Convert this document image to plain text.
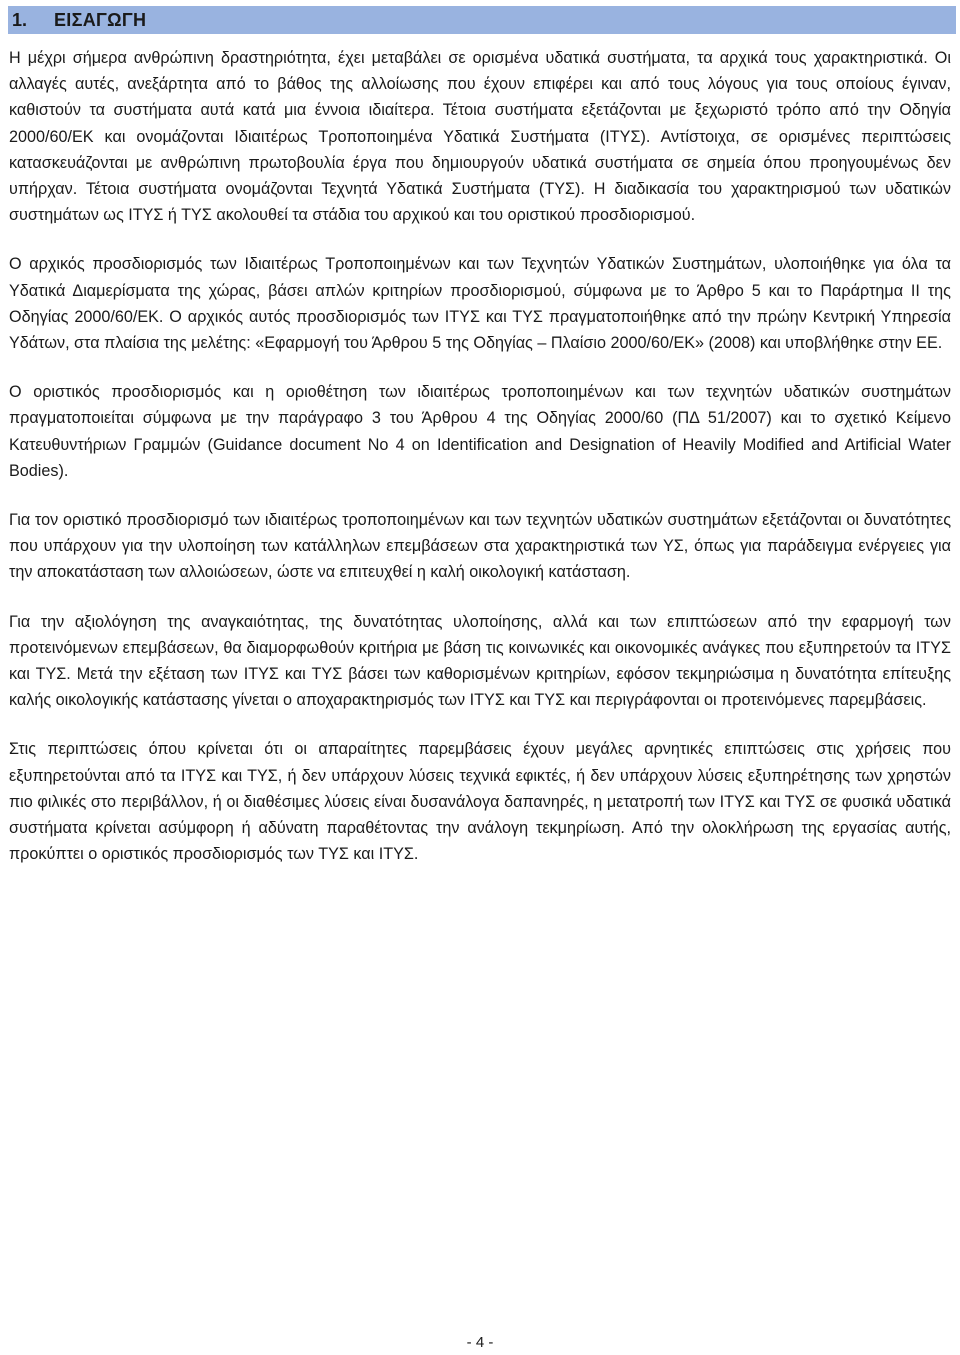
1.	ΕΙΣΑΓΩΓΗ

Η μέχρι σήμερα ανθρώπινη δραστηριότητα, έχει μεταβάλει σε ορισμένα υδατικά συστήματα, τα αρχικά τους χαρακτηριστικά. Οι αλλαγές αυτές, ανεξάρτητα από το βάθος της αλλοίωσης που έχουν επιφέρει και από τους λόγους για τους οποίους έγιναν, καθιστούν τα συστήματα αυτά κατά μια έννοια ιδιαίτερα. Τέτοια συστήματα εξετάζονται με ξεχωριστό τρόπο από την Οδηγία 2000/60/ΕΚ και ονομάζονται Ιδιαιτέρως Τροποποιημένα Υδατικά Συστήματα (ΙΤΥΣ). Αντίστοιχα, σε ορισμένες περιπτώσεις κατασκευάζονται με ανθρώπινη πρωτοβουλία έργα που δημιουργούν υδατικά συστήματα σε σημεία όπου προηγουμένως δεν υπήρχαν. Τέτοια συστήματα ονομάζονται Τεχνητά Υδατικά Συστήματα (ΤΥΣ). Η διαδικασία του χαρακτηρισμού των υδατικών συστημάτων ως ΙΤΥΣ ή ΤΥΣ ακολουθεί τα στάδια του αρχικού και του οριστικού προσδιορισμού.

Ο αρχικός προσδιορισμός των Ιδιαιτέρως Τροποποιημένων και των Τεχνητών Υδατικών Συστημάτων, υλοποιήθηκε για όλα τα Υδατικά Διαμερίσματα της χώρας, βάσει απλών κριτηρίων προσδιορισμού, σύμφωνα με το Άρθρο 5 και το Παράρτημα ΙΙ της Οδηγίας 2000/60/ΕΚ. Ο αρχικός αυτός προσδιορισμός των ΙΤΥΣ και ΤΥΣ πραγματοποιήθηκε από την πρώην Κεντρική Υπηρεσία Υδάτων, στα πλαίσια της μελέτης: «Εφαρμογή του Άρθρου 5 της Οδηγίας – Πλαίσιο 2000/60/ΕΚ» (2008) και υποβλήθηκε στην ΕΕ.

Ο οριστικός προσδιορισμός και η οριοθέτηση των ιδιαιτέρως τροποποιημένων και των τεχνητών υδατικών συστημάτων πραγματοποιείται σύμφωνα με την παράγραφο 3 του Άρθρου 4 της Οδηγίας 2000/60 (ΠΔ 51/2007) και το σχετικό Κείμενο Κατευθυντήριων Γραμμών (Guidance document No 4 on Identification and Designation of Heavily Modified and Artificial Water Bodies).

Για τον οριστικό προσδιορισμό των ιδιαιτέρως τροποποιημένων και των τεχνητών υδατικών συστημάτων εξετάζονται οι δυνατότητες που υπάρχουν για την υλοποίηση των κατάλληλων επεμβάσεων στα χαρακτηριστικά των ΥΣ, όπως για παράδειγμα ενέργειες για την αποκατάσταση των αλλοιώσεων, ώστε να επιτευχθεί η καλή οικολογική κατάσταση.

Για την αξιολόγηση της αναγκαιότητας, της δυνατότητας υλοποίησης, αλλά και των επιπτώσεων από την εφαρμογή των προτεινόμενων επεμβάσεων, θα διαμορφωθούν κριτήρια με βάση τις κοινωνικές και οικονομικές ανάγκες που εξυπηρετούν τα ΙΤΥΣ και ΤΥΣ. Μετά την εξέταση των ΙΤΥΣ και ΤΥΣ βάσει των καθορισμένων κριτηρίων, εφόσον τεκμηριώσιμα η δυνατότητα επίτευξης καλής οικολογικής κατάστασης γίνεται ο αποχαρακτηρισμός των ΙΤΥΣ και ΤΥΣ και περιγράφονται οι προτεινόμενες παρεμβάσεις.

Στις περιπτώσεις όπου κρίνεται ότι οι απαραίτητες παρεμβάσεις έχουν μεγάλες αρνητικές επιπτώσεις στις χρήσεις που εξυπηρετούνται από τα ΙΤΥΣ και ΤΥΣ, ή δεν υπάρχουν λύσεις τεχνικά εφικτές, ή δεν υπάρχουν λύσεις εξυπηρέτησης των χρηστών πιο φιλικές στο περιβάλλον, ή οι διαθέσιμες λύσεις είναι δυσανάλογα δαπανηρές, η μετατροπή των ΙΤΥΣ και ΤΥΣ σε φυσικά υδατικά συστήματα κρίνεται ασύμφορη ή αδύνατη παραθέτοντας την ανάλογη τεκμηρίωση. Από την ολοκλήρωση της εργασίας αυτής, προκύπτει ο οριστικός προσδιορισμός των ΤΥΣ και ΙΤΥΣ.

- 4 -
